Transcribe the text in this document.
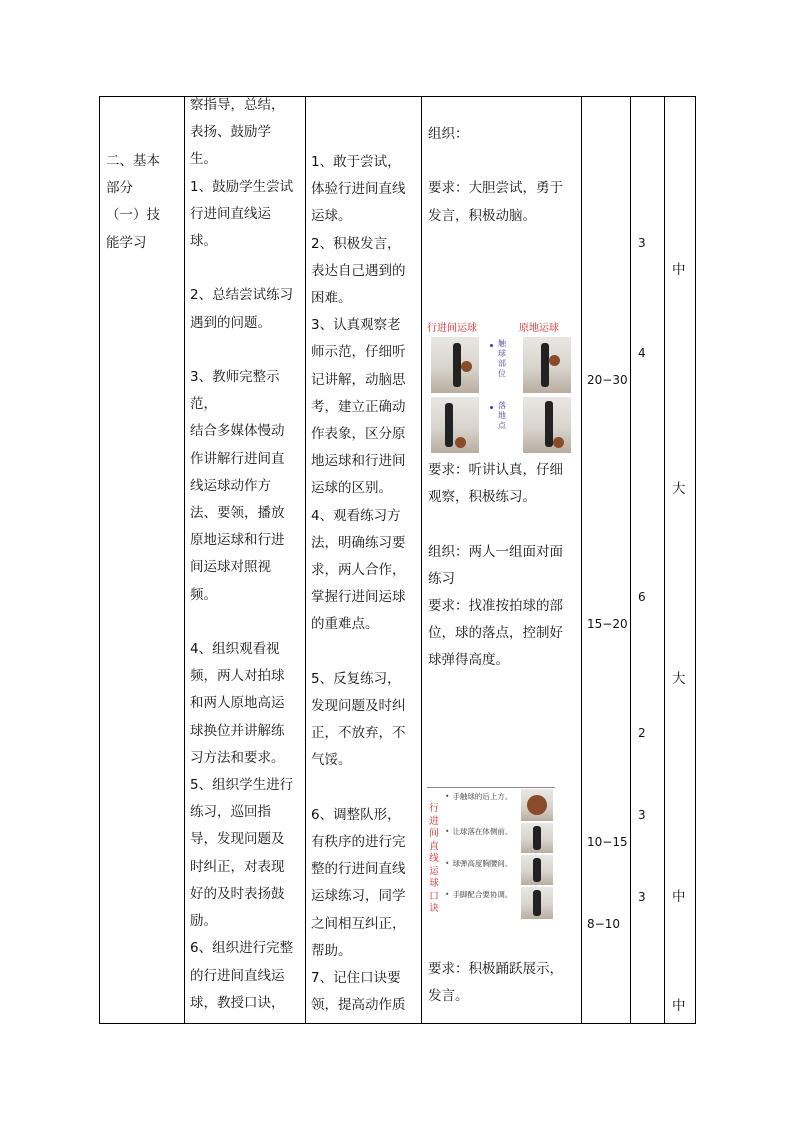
二、基本
部分
（一）技
能学习
察指导，总结，
表扬、鼓励学
生。
1、鼓励学生尝试
行进间直线运
球。

2、总结尝试练习
遇到的问题。

3、教师完整示
范，
结合多媒体慢动
作讲解行进间直
线运球动作方
法、要领，播放
原地运球和行进
间运球对照视
频。

4、组织观看视
频，两人对拍球
和两人原地高运
球换位并讲解练
习方法和要求。
5、组织学生进行
练习，巡回指
导，发现问题及
时纠正，对表现
好的及时表扬鼓
励。
6、组织进行完整
的行进间直线运
球，教授口诀，
1、敢于尝试，
体验行进间直线
运球。
2、积极发言，
表达自己遇到的
困难。
3、认真观察老
师示范，仔细听
记讲解，动脑思
考，建立正确动
作表象，区分原
地运球和行进间
运球的区别。
4、观看练习方
法，明确练习要
求，两人合作，
掌握行进间运球
的重难点。

5、反复练习，
发现问题及时纠
正，不放弃，不
气馁。

6、调整队形，
有秩序的进行完
整的行进间直线
运球练习，同学
之间相互纠正，
帮助。
7、记住口诀要
领，提高动作质
组织：

要求：大胆尝试，勇于
发言，积极动脑。
行进间运球	原地运球
触 球 部 位
落 地 点
要求：听讲认真，仔细
观察，积极练习。

组织：两人一组面对面
练习
要求：找准按拍球的部
位，球的落点，控制好
球弹得高度。
行 进 间 直 线 运 球 口 诀
• 手触球的后上方。
• 让球落在体侧前。
• 球弹高度胸腰间。
• 手脚配合要协调。
要求：积极踊跃展示，
发言。
20−30
15−20
10−15
8−10
3
4
6
2
3
3
中
大
大
中
中
